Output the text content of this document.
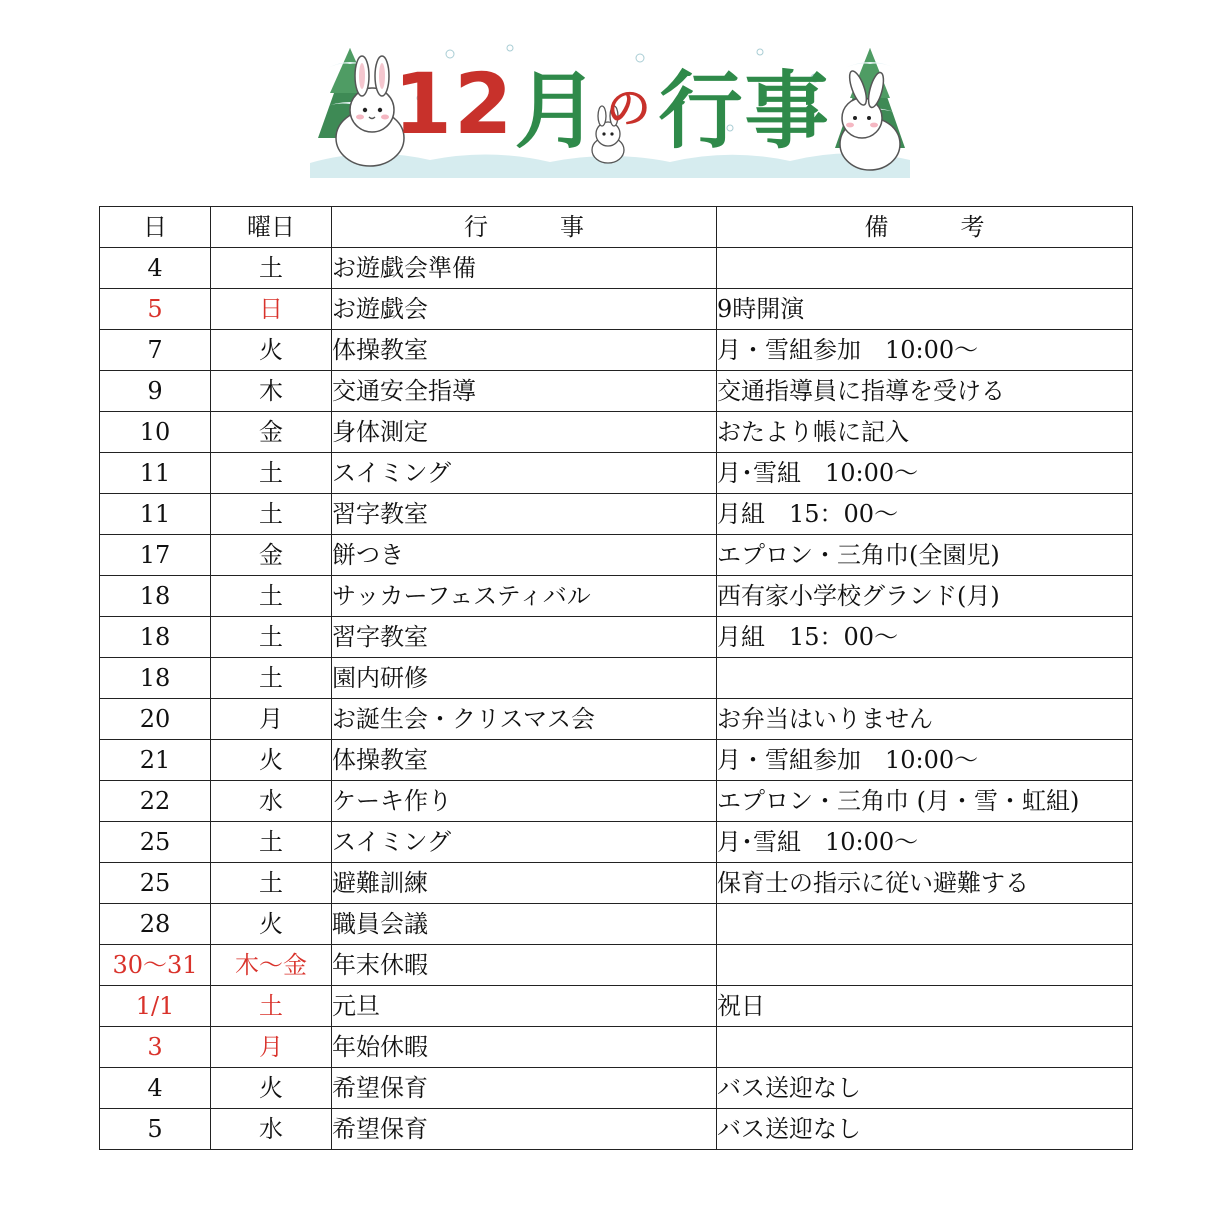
12 月 の 行事
日	曜日	行　　　事	備　　　考
4	土	お遊戯会準備	
5	日	お遊戯会	9時開演
7	火	体操教室	月・雪組参加　10:00〜
9	木	交通安全指導	交通指導員に指導を受ける
10	金	身体測定	おたより帳に記入
11	土	スイミング	月･雪組　10:00〜
11	土	習字教室	月組　15：00〜
17	金	餅つき	エプロン・三角巾(全園児)
18	土	サッカーフェスティバル	西有家小学校グランド(月)
18	土	習字教室	月組　15：00〜
18	土	園内研修	
20	月	お誕生会・クリスマス会	お弁当はいりません
21	火	体操教室	月・雪組参加　10:00〜
22	水	ケーキ作り	エプロン・三角巾 (月・雪・虹組)
25	土	スイミング	月･雪組　10:00〜
25	土	避難訓練	保育士の指示に従い避難する
28	火	職員会議	
30〜31	木〜金	年末休暇	
1/1	土	元旦	祝日
3	月	年始休暇	
4	火	希望保育	バス送迎なし
5	水	希望保育	バス送迎なし
